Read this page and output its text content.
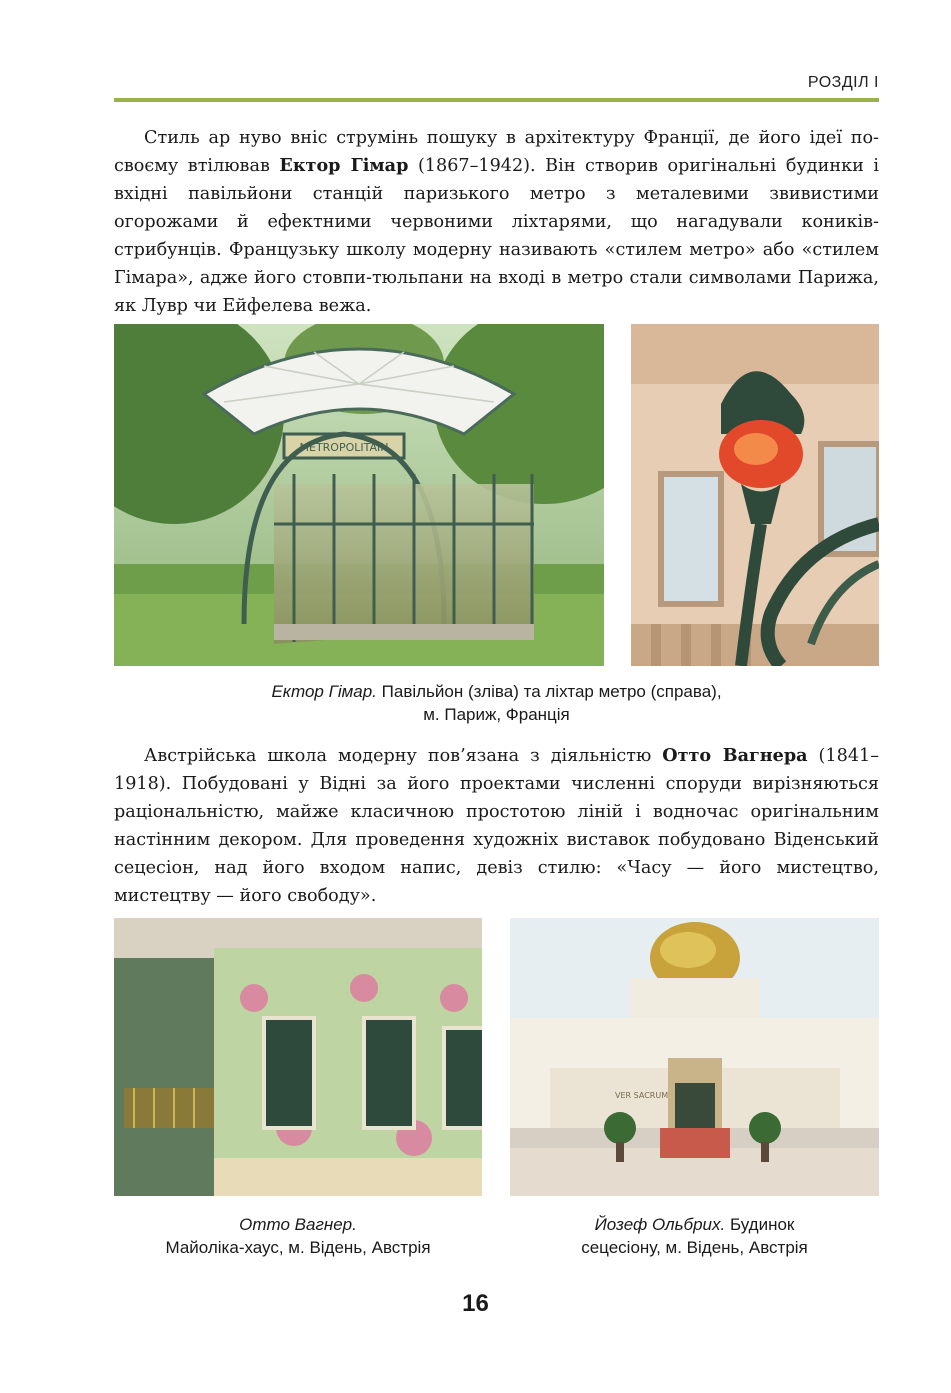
РОЗДІЛ I

Стиль ар нуво вніс струмінь пошуку в архітектуру Франції, де його ідеї по-своєму втілював Ектор Гімар (1867–1942). Він створив оригінальні будинки і вхідні павільйони станцій паризького метро з металевими звивистими огорожами й ефектними червоними ліхтарями, що нагадували коників-стрибунців. Французьку школу модерну називають «стилем метро» або «стилем Гімара», адже його стовпи-тюльпани на вході в метро стали символами Парижа, як Лувр чи Ейфелева вежа.

METROPOLITAIN
Ектор Гімар. Павільйон (зліва) та ліхтар метро (справа),
м. Париж, Франція

Австрійська школа модерну пов’язана з діяльністю Отто Вагнера (1841–1918). Побудовані у Відні за його проектами численні споруди вирізняються раціональністю, майже класичною простотою ліній і водночас оригінальним настінним декором. Для проведення художніх виставок побудовано Віденський сецесіон, над його входом напис, девіз стилю: «Часу — його мистецтво, мистецтву — його свободу».

VER SACRUM
Отто Вагнер.
Майоліка-хаус, м. Відень, Австрія
Йозеф Ольбрих. Будинок
сецесіону, м. Відень, Австрія
16
